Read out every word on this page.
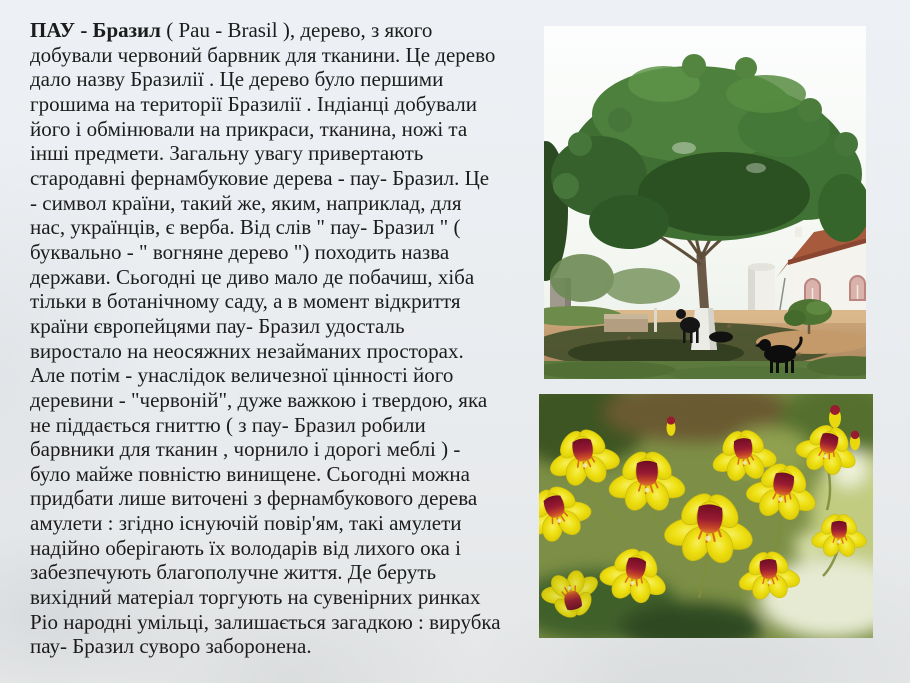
ПАУ - Бразил ( Pau - Brasil ), дерево, з якого
добували червоний барвник для тканини. Це дерево
дало назву Бразилії . Це дерево було першими
грошима на території Бразилії . Індіанці добували
його і обмінювали на прикраси, тканина, ножі та
інші предмети. Загальну увагу привертають
стародавні фернамбуковие дерева - пау- Бразил. Це
- символ країни, такий же, яким, наприклад, для
нас, українців, є верба. Від слів " пау- Бразил " (
буквально - " вогняне дерево ") походить назва
держави. Сьогодні це диво мало де побачиш, хіба
тільки в ботанічному саду, а в момент відкриття
країни європейцями пау- Бразил удосталь
виростало на неосяжних незайманих просторах.
Але потім - унаслідок величезної цінності його
деревини - "червоній", дуже важкою і твердою, яка
не піддається гниттю ( з пау- Бразил робили
барвники для тканин , чорнило і дорогі меблі ) -
було майже повністю винищене. Сьогодні можна
придбати лише виточені з фернамбукового дерева
амулети : згідно існуючій повір'ям, такі амулети
надійно оберігають їх володарів від лихого ока і
забезпечують благополучне життя. Де беруть
вихідний матеріал торгують на сувенірних ринках
Ріо народні умільці, залишається загадкою : вирубка
пау- Бразил суворо заборонена.
